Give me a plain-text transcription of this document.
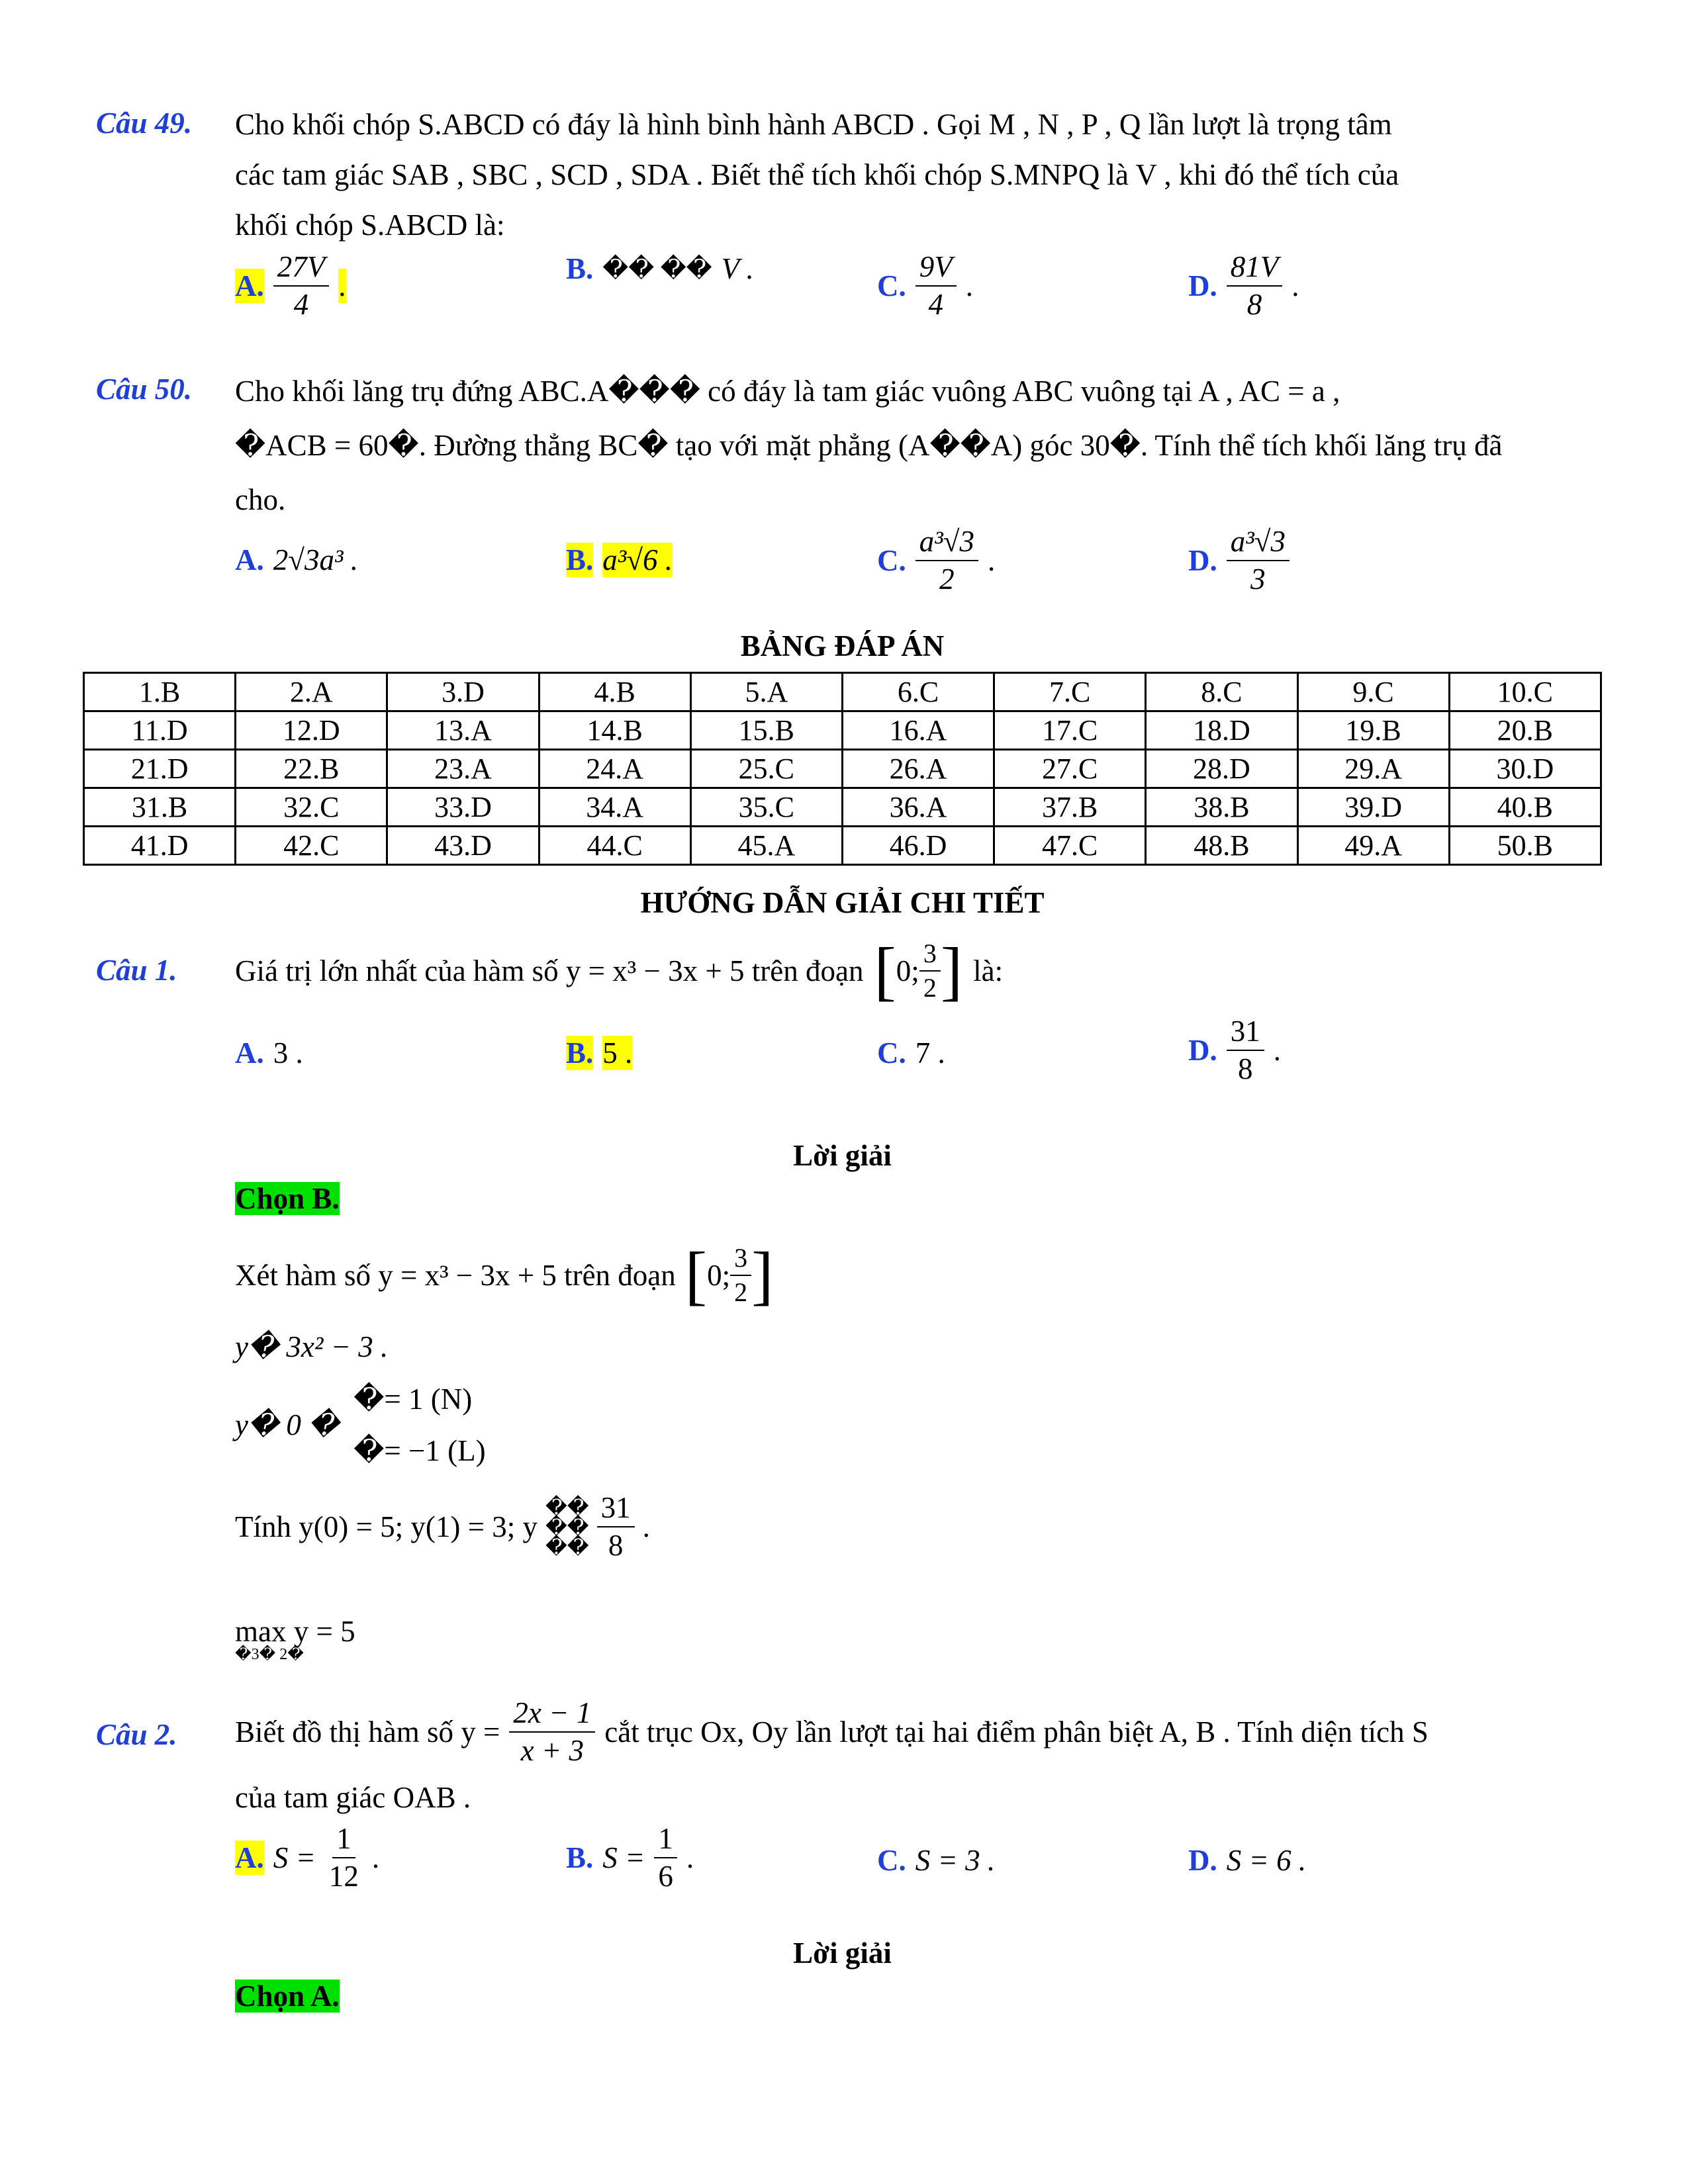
Câu 49. Cho khối chóp S.ABCD có đáy là hình bình hành ABCD . Gọi M , N , P , Q lần lượt là trọng tâm
các tam giác SAB , SBC , SCD , SDA . Biết thể tích khối chóp S.MNPQ là V , khi đó thể tích của
khối chóp S.ABCD là:
A. $\frac{27V}{4}$ .
B. �� �� V .
C. $\frac{9V}{4}$ .	D. $\frac{81V}{8}$ .
Câu 50. Cho khối lăng trụ đứng ABC.A��� có đáy là tam giác vuông ABC vuông tại A , AC = a ,
�ACB = 60�. Đường thẳng BC� tạo với mặt phẳng (A��A) góc 30�. Tính thể tích khối lăng trụ đã
cho.
A. 2√3a³ .	B. a³√6 .	C. $\frac{\text{a³√3}}{2}$ .	D. $\frac{\text{a³√3}}{3}$
BẢNG ĐÁP ÁN
1.B	2.A	3.D	4.B	5.A	6.C	7.C	8.C	9.C	10.C
11.D	12.D	13.A	14.B	15.B	16.A	17.C	18.D	19.B	20.B
21.D	22.B	23.A	24.A	25.C	26.A	27.C	28.D	29.A	30.D
31.B	32.C	33.D	34.A	35.C	36.A	37.B	38.B	39.D	40.B
41.D	42.C	43.D	44.C	45.A	46.D	47.C	48.B	49.A	50.B
HƯỚNG DẪN GIẢI CHI TIẾT
Câu 1. Giá trị lớn nhất của hàm số y = x³ − 3x + 5 trên đoạn [ 0; $\frac{3}{2}$ ] là:
A. 3 .	B. 5 .	C. 7 .	D. $\frac{31}{8}$ .
Lời giải
Chọn B.
Xét hàm số y = x³ − 3x + 5 trên đoạn [ 0; $\frac{3}{2}$ ]
y� 3x² − 3 .
y� 0 �
�= 1 (N)
�= −1 (L)
Tính y(0) = 5; y(1) = 3; y
��
��
�� $\frac{31}{8}$ .
max y = 5
�3� 2�
Câu 2. Biết đồ thị hàm số $y = \frac{2x - 1}{x + 3}$ cắt trục Ox, Oy lần lượt tại hai điểm phân biệt A, B . Tính diện tích S
của tam giác OAB .
A. $S = \frac{1}{12}$ .	B. $S = \frac{1}{6}$ .	C. S = 3 .	D. S = 6 .
Lời giải
Chọn A.
